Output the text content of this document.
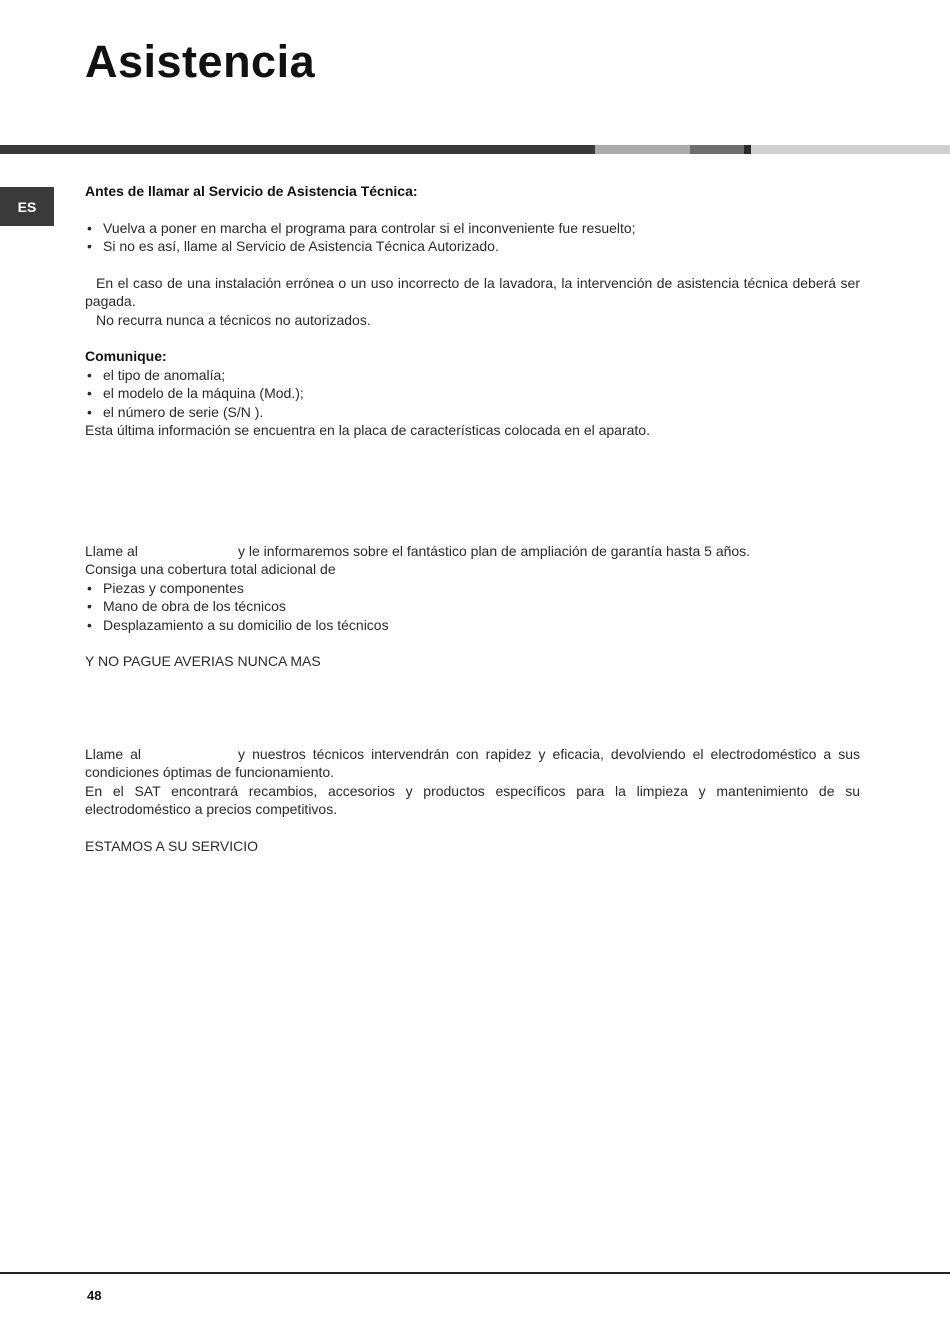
Asistencia
ES

Antes de llamar al Servicio de Asistencia Técnica:

• Vuelva a poner en marcha el programa para controlar si el inconveniente fue resuelto;

• Si no es así, llame al Servicio de Asistencia Técnica Autorizado.

En el caso de una instalación errónea o un uso incorrecto de la lavadora, la intervención de asistencia técnica deberá ser pagada.

No recurra nunca a técnicos no autorizados.

Comunique:

• el tipo de anomalía;

• el modelo de la máquina (Mod.);

• el número de serie (S/N ).

Esta última información se encuentra en la placa de características colocada en el aparato.

Llame al	y le informaremos sobre el fantástico plan de ampliación de garantía hasta 5 años.

Consiga una cobertura total adicional de

• Piezas y componentes

• Mano de obra de los técnicos

• Desplazamiento a su domicilio de los técnicos

Y NO PAGUE AVERIAS NUNCA MAS

Llame al	y nuestros técnicos intervendrán con rapidez y eficacia, devolviendo el electrodoméstico a sus condiciones óptimas de funcionamiento.

En el SAT encontrará recambios, accesorios y productos específicos para la limpieza y mantenimiento de su electrodoméstico a precios competitivos.

ESTAMOS A SU SERVICIO

48
